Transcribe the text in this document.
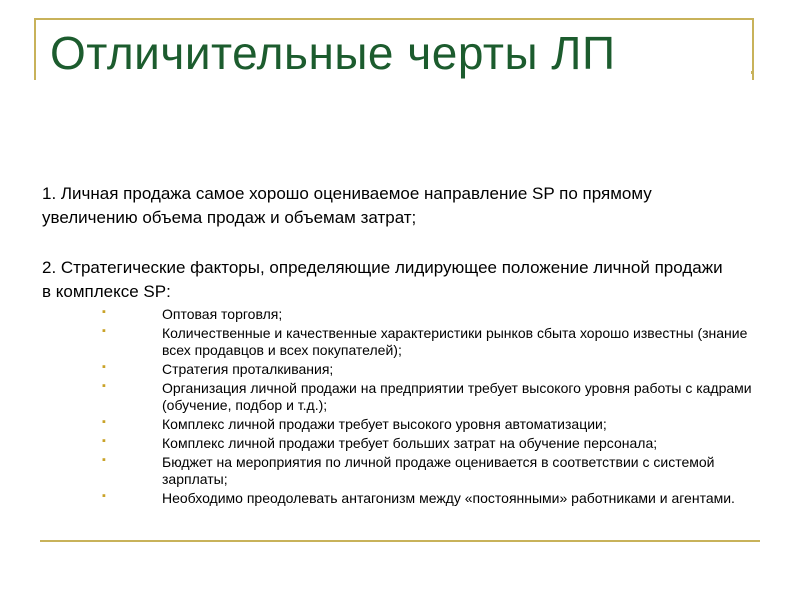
Отличительные черты ЛП

1. Личная продажа самое хорошо оцениваемое направление SP по прямому увеличению объема продаж и объемам затрат;

2. Стратегические факторы, определяющие лидирующее положение личной продажи в комплексе SP:

▪	Оптовая торговля;
▪	Количественные и качественные характеристики рынков сбыта хорошо известны (знание всех продавцов и всех покупателей);
▪	Стратегия проталкивания;
▪	Организация личной продажи на предприятии требует высокого уровня работы с кадрами (обучение, подбор и т.д.);
▪	Комплекс личной продажи требует высокого уровня автоматизации;
▪	Комплекс личной продажи требует больших затрат на обучение персонала;
▪	Бюджет на мероприятия по личной продаже оценивается в соответствии с системой зарплаты;
▪	Необходимо преодолевать антагонизм между «постоянными» работниками и агентами.
